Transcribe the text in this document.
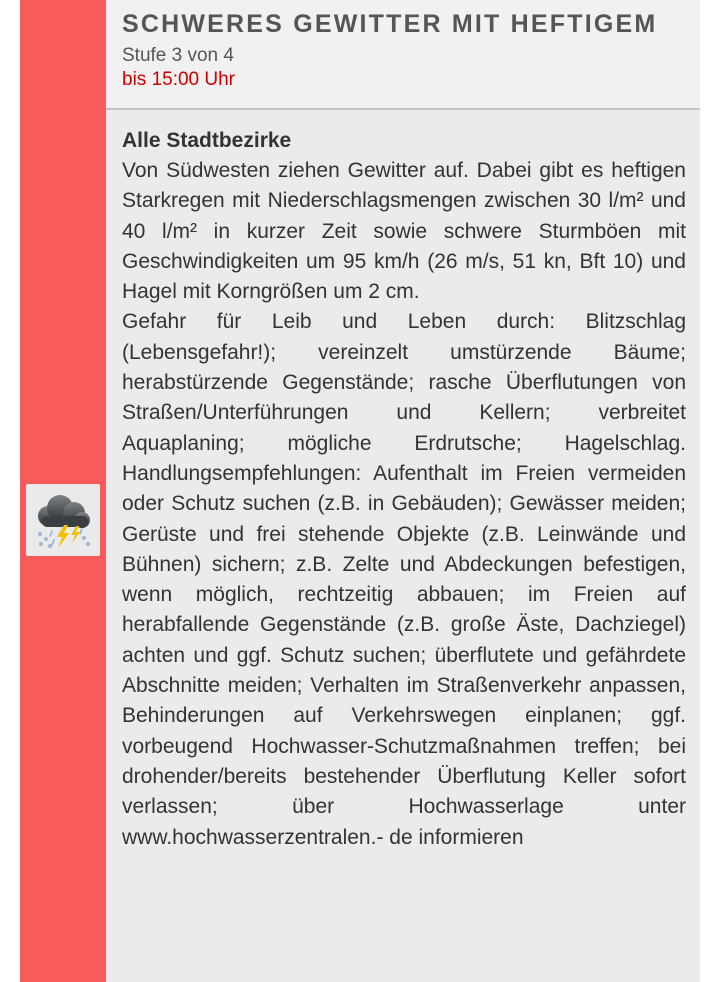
SCHWERES GEWITTER MIT HEFTIGEM
Stufe 3 von 4
bis 15:00 Uhr

Alle Stadtbezirke

Von Südwesten ziehen Gewitter auf. Dabei gibt es heftigen Starkregen mit Niederschlagsmengen zwischen 30 l/m² und 40 l/m² in kurzer Zeit sowie schwere Sturmböen mit Geschwindigkeiten um 95 km/h (26 m/s, 51 kn, Bft 10) und Hagel mit Korngrößen um 2 cm.

Gefahr für Leib und Leben durch: Blitzschlag (Lebensgefahr!); vereinzelt umstürzende Bäume; herabstürzende Gegenstände; rasche Überflutungen von Straßen/Unterführungen und Kellern; verbreitet Aquaplaning; mögliche Erdrutsche; Hagelschlag. Handlungsempfehlungen: Aufenthalt im Freien vermeiden oder Schutz suchen (z.B. in Gebäuden); Gewässer meiden; Gerüste und frei stehende Objekte (z.B. Leinwände und Bühnen) sichern; z.B. Zelte und Abdeckungen befestigen, wenn möglich, rechtzeitig abbauen; im Freien auf herabfallende Gegenstände (z.B. große Äste, Dachziegel) achten und ggf. Schutz suchen; überflutete und gefährdete Abschnitte meiden; Verhalten im Straßenverkehr anpassen, Behinderungen auf Verkehrswegen einplanen; ggf. vorbeugend Hochwasser-Schutzmaßnahmen treffen; bei drohender/bereits bestehender Überflutung Keller sofort verlassen; über Hochwasserlage unter www.hochwasserzentralen.- de informieren
